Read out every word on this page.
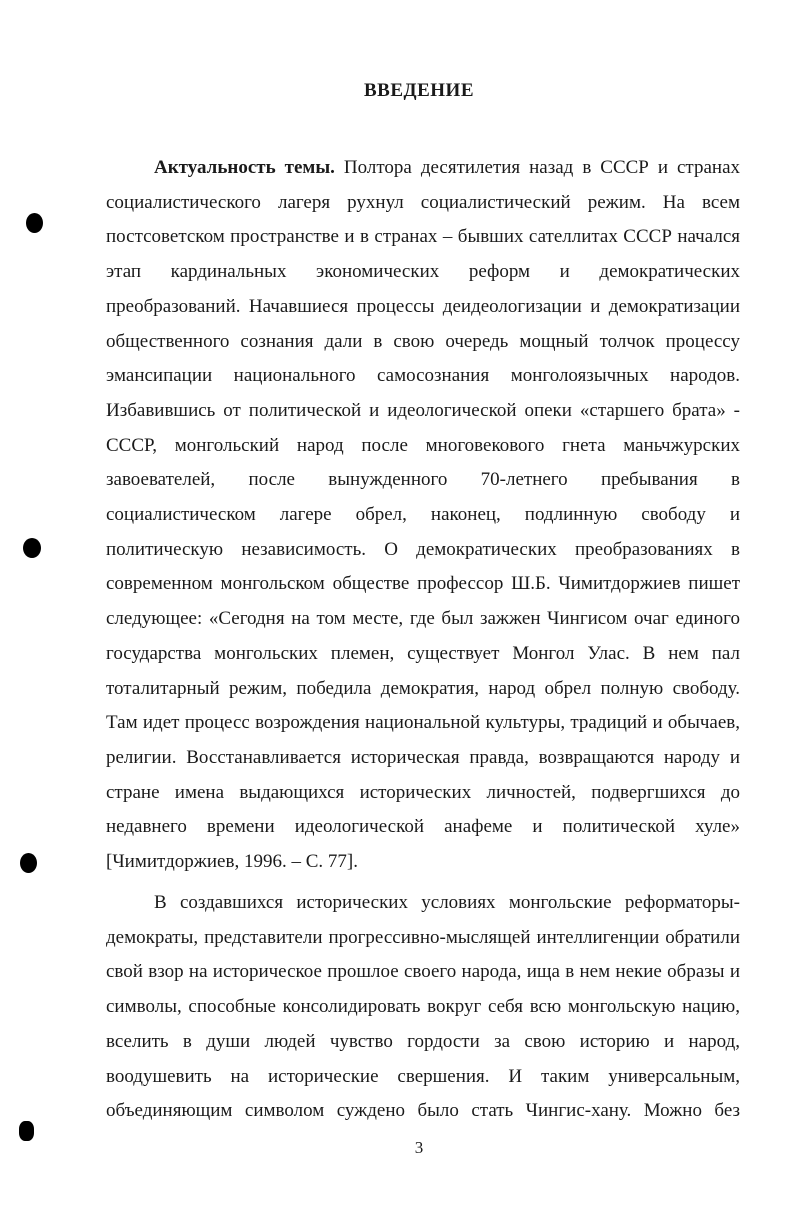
ВВЕДЕНИЕ

Актуальность темы. Полтора десятилетия назад в СССР и странах
социалистического лагеря рухнул социалистический режим. На всем
постсоветском пространстве и в странах – бывших сателлитах СССР начался
этап кардинальных экономических реформ и демократических
преобразований. Начавшиеся процессы деидеологизации и демократизации
общественного сознания дали в свою очередь мощный толчок процессу
эмансипации национального самосознания монголоязычных народов.
Избавившись от политической и идеологической опеки «старшего брата» -
СССР, монгольский народ после многовекового гнета маньчжурских
завоевателей, после вынужденного 70-летнего пребывания в
социалистическом лагере обрел, наконец, подлинную свободу и
политическую независимость. О демократических преобразованиях в
современном монгольском обществе профессор Ш.Б. Чимитдоржиев пишет
следующее: «Сегодня на том месте, где был зажжен Чингисом очаг единого
государства монгольских племен, существует Монгол Улас. В нем пал
тоталитарный режим, победила демократия, народ обрел полную свободу.
Там идет процесс возрождения национальной культуры, традиций и обычаев,
религии. Восстанавливается историческая правда, возвращаются народу и
стране имена выдающихся исторических личностей, подвергшихся до
недавнего времени идеологической анафеме и политической хуле»
[Чимитдоржиев, 1996. – С. 77].

В создавшихся исторических условиях монгольские реформаторы-
демократы, представители прогрессивно-мыслящей интеллигенции обратили
свой взор на историческое прошлое своего народа, ища в нем некие образы и
символы, способные консолидировать вокруг себя всю монгольскую нацию,
вселить в души людей чувство гордости за свою историю и народ,
воодушевить на исторические свершения. И таким универсальным,
объединяющим символом суждено было стать Чингис-хану. Можно без

3
